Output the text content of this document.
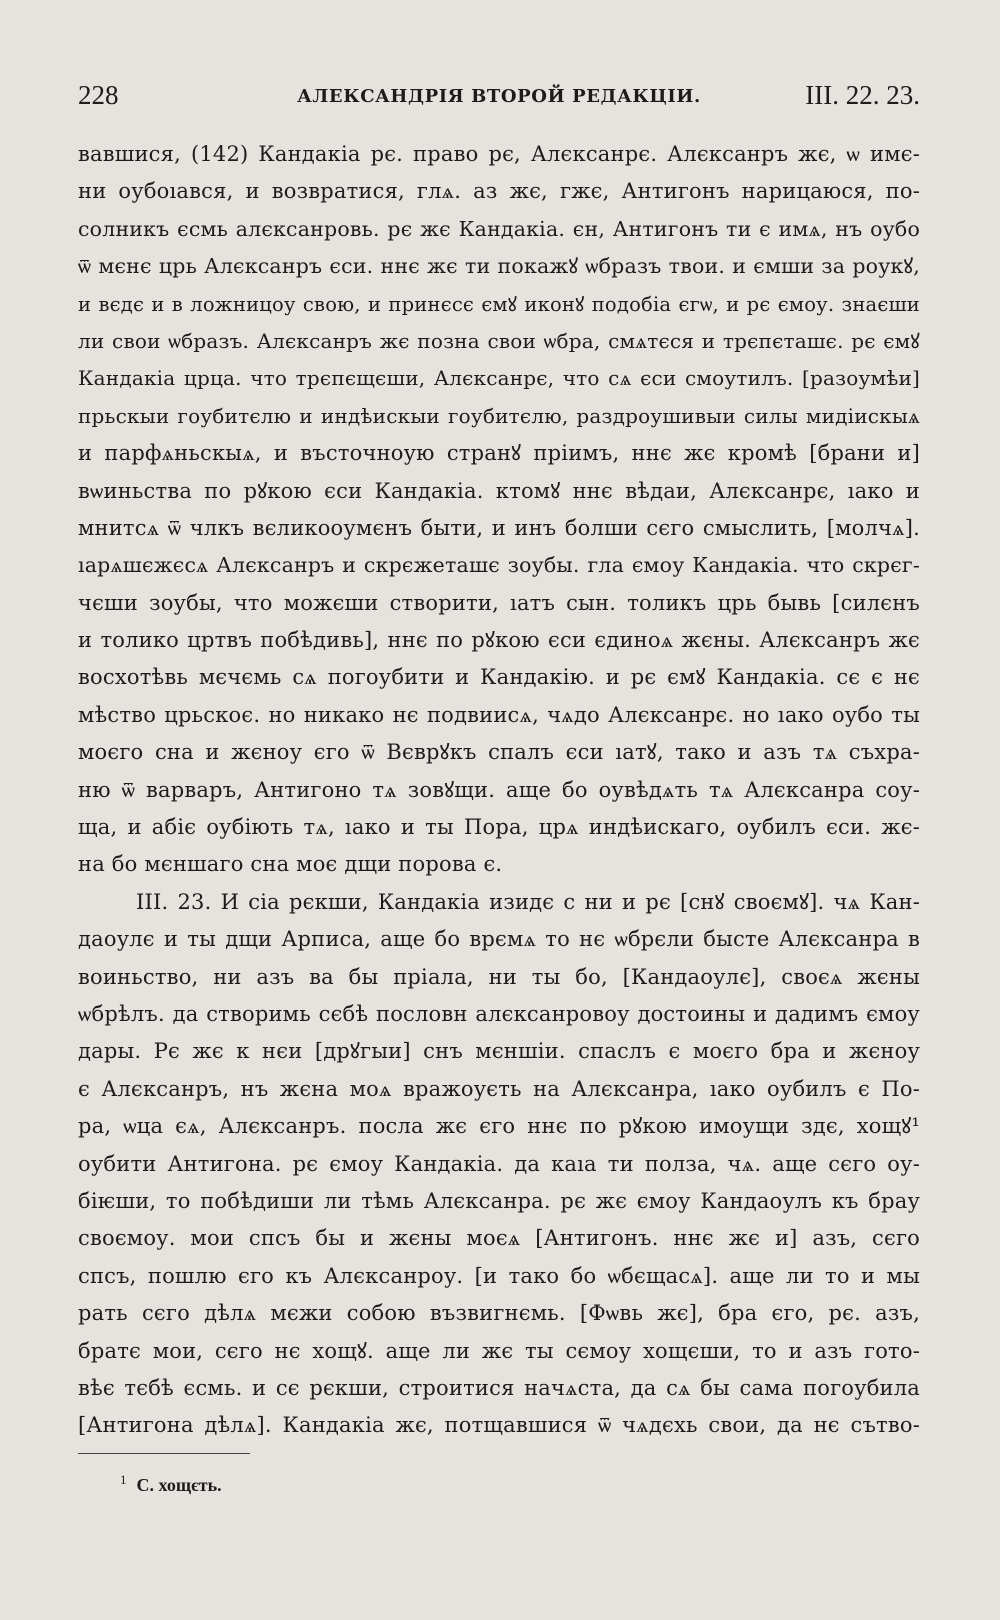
228	АЛЕКСАНДРІЯ ВТОРОЙ РЕДАКЦІИ.	III. 22. 23.
вавшися, (142) Кандакіа рє. право рє, Алєксанрє. Алєксанръ жє, ѡ имє-
ни оубоıався, и возвратися, глѧ. аз жє, гжє, Антигонъ нарицаюся, по-
солникъ єсмь алєксанровь. рє жє Кандакіа. єн, Антигонъ ти є имѧ, нъ оубо
ѿ мєнє црь Алєксанръ єси. ннє жє ти покажꙋ ѡбразъ твои. и ємши за роукꙋ,
и вєдє и в ложницоу свою, и принєсє ємꙋ иконꙋ подобіа єгѡ, и рє ємоу. знаєши
ли свои ѡбразъ. Алєксанръ жє позна свои ѡбра, смѧтєся и трєпєташє. рє ємꙋ
Кандакіа црца. что трєпєщєши, Алєксанрє, что сѧ єси смоутилъ. [разоумѣи]
прьскыи гоубитєлю и индѣискыи гоубитєлю, раздроушивыи силы мидіискыѧ
и парфѧньскыѧ, и въсточноую странꙋ пріимъ, ннє жє кромѣ [брани и]
вѡиньства по рꙋкою єси Кандакіа. ктомꙋ ннє вѣдаи, Алєксанрє, ıако и
мнитсѧ ѿ члкъ вєликооумєнъ быти, и инъ болши сєго смыслить, [молчѧ].
ıарѧшєжєсѧ Алєксанръ и скрєжеташє зоубы. гла ємоу Кандакіа. что скрєг-
чєши зоубы, что можєши створити, ıатъ сын. толикъ црь бывь [силєнъ
и толико цртвъ побѣдивь], ннє по рꙋкою єси єдиноѧ жєны. Алєксанръ жє
восхотѣвь мєчємь сѧ погоубити и Кандакію. и рє ємꙋ Кандакіа. сє є нє
мѣство црьскоє. но никако нє подвиисѧ, чѧдо Алєксанрє. но ıако оубо ты
моєго сна и жєноу єго ѿ Вєврꙋкъ спалъ єси ıатꙋ, тако и азъ тѧ съхра-
ню ѿ варваръ, Антигоно тѧ зовꙋщи. аще бо оувѣдѧть тѧ Алєксанра соу-
ща, и абіє оубіють тѧ, ıако и ты Пора, црѧ индѣискаго, оубилъ єси. жє-
на бо мєншаго сна моє дщи порова є.
III. 23. И сіа рєкши, Кандакіа изидє с ни и рє [снꙋ своємꙋ]. чѧ Кан-
даоулє и ты дщи Арписа, аще бо врємѧ то нє ѡбрєли бысте Алєксанра в
воиньство, ни азъ ва бы пріала, ни ты бо, [Кандаоулє], своєѧ жєны
ѡбрѣлъ. да створимь сєбѣ пословн алєксанровоу достоины и дадимъ ємоу
дары. Рє жє к нєи [дрꙋгыи] снъ мєншіи. спаслъ є моєго бра и жєноу
є Алєксанръ, нъ жєна моѧ вражоуєть на Алєксанра, ıако оубилъ є По-
ра, ѡца єѧ, Алєксанръ. посла жє єго ннє по рꙋкою имоущи здє, хощꙋ¹
оубити Антигона. рє ємоу Кандакіа. да каıа ти полза, чѧ. аще сєго оу-
біѥши, то побѣдиши ли тѣмь Алєксанра. рє жє ємоу Кандаоулъ къ брау
своємоу. мои спсъ бы и жєны моєѧ [Антигонъ. ннє жє и] азъ, сєго
спсъ, пошлю єго къ Алєксанроу. [и тако бо ѡбєщасѧ]. аще ли то и мы
рать сєго дѣлѧ мєжи собою възвигнємь. [Фѡвь жє], бра єго, рє. азъ,
братє мои, сєго нє хощꙋ. аще ли жє ты сємоу хощєши, то и азъ гото-
вѣє тєбѣ єсмь. и сє рєкши, строитися начѧста, да сѧ бы сама погоубила
[Антигона дѣлѧ]. Кандакіа жє, потщавшися ѿ чѧдєхь свои, да нє сътво-
$^1$ С. хощєть.
